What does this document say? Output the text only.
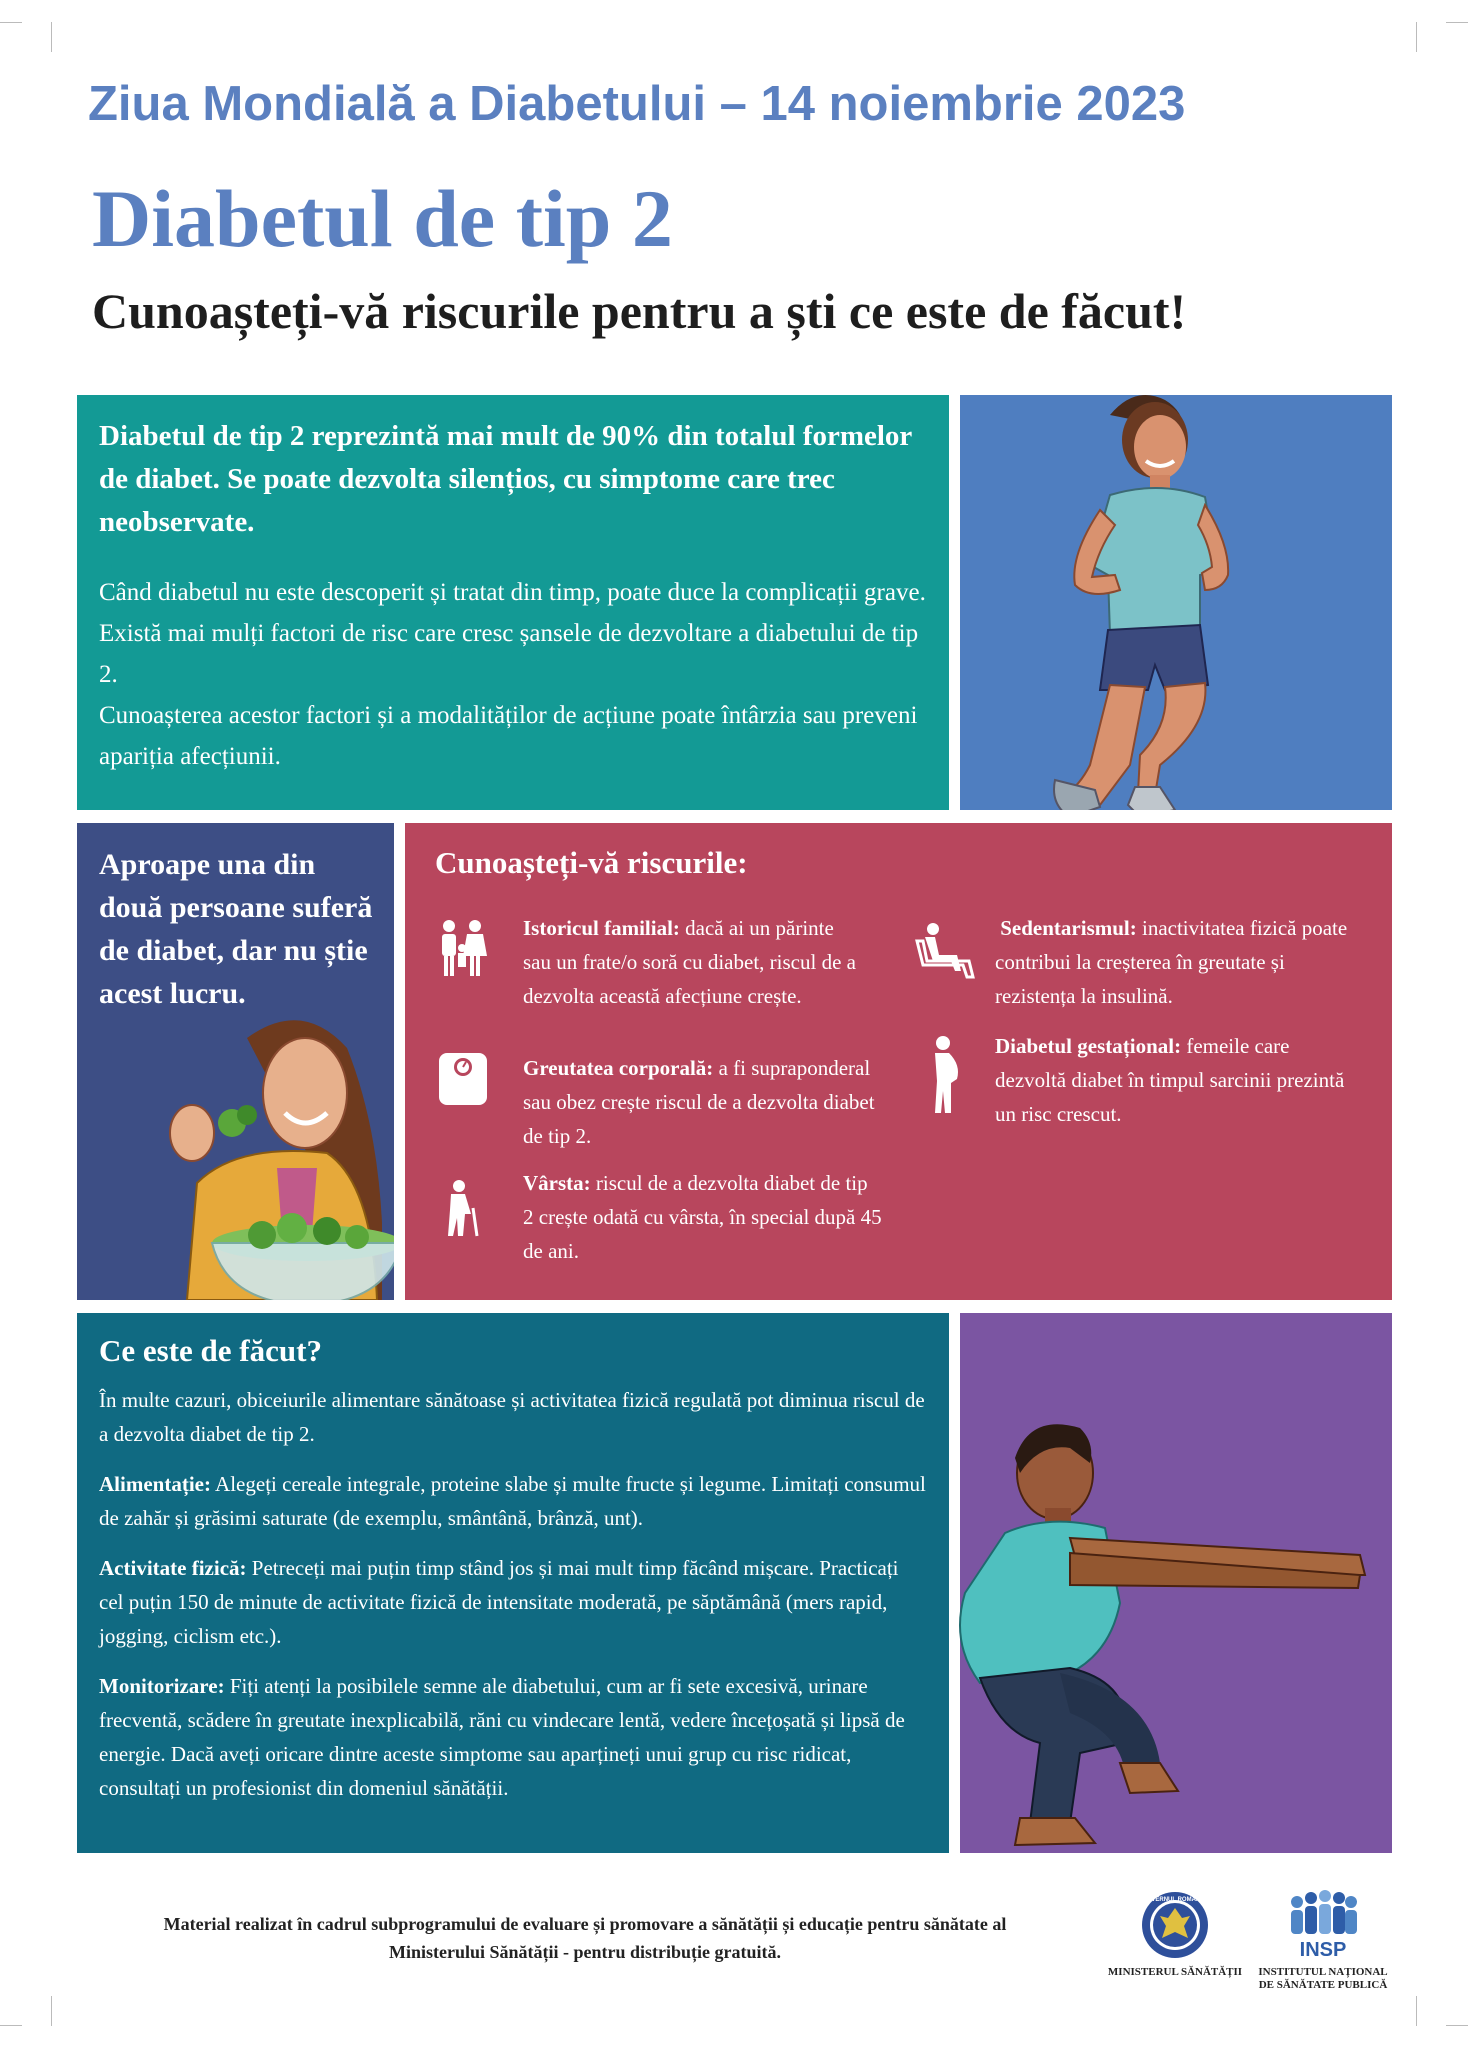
Ziua Mondială a Diabetului – 14 noiembrie 2023
Diabetul de tip 2
Cunoașteți-vă riscurile pentru a ști ce este de făcut!
Diabetul de tip 2 reprezintă mai mult de 90% din totalul formelor de diabet. Se poate dezvolta silențios, cu simptome care trec neobservate.
Când diabetul nu este descoperit și tratat din timp, poate duce la complicații grave. Există mai mulți factori de risc care cresc șansele de dezvoltare a diabetului de tip 2.
Cunoașterea acestor factori și a modalităților de acțiune poate întârzia sau preveni apariția afecțiunii.
Aproape una din două persoane suferă de diabet, dar nu știe acest lucru.
Cunoașteți-vă riscurile:
Istoricul familial: dacă ai un părinte sau un frate/o soră cu diabet, riscul de a dezvolta această afecțiune crește.
Greutatea corporală: a fi supraponderal sau obez crește riscul de a dezvolta diabet de tip 2.
Vârsta: riscul de a dezvolta diabet de tip 2 crește odată cu vârsta, în special după 45 de ani.
Sedentarismul: inactivitatea fizică poate contribui la creșterea în greutate și rezistența la insulină.
Diabetul gestațional: femeile care dezvoltă diabet în timpul sarcinii prezintă un risc crescut.
Ce este de făcut?
În multe cazuri, obiceiurile alimentare sănătoase și activitatea fizică regulată pot diminua riscul de a dezvolta diabet de tip 2.
Alimentație: Alegeți cereale integrale, proteine slabe și multe fructe și legume. Limitați consumul de zahăr și grăsimi saturate (de exemplu, smântână, brânză, unt).
Activitate fizică: Petreceți mai puțin timp stând jos și mai mult timp făcând mișcare. Practicați cel puțin 150 de minute de activitate fizică de intensitate moderată, pe săptămână (mers rapid, jogging, ciclism etc.).
Monitorizare: Fiți atenți la posibilele semne ale diabetului, cum ar fi sete excesivă, urinare frecventă, scădere în greutate inexplicabilă, răni cu vindecare lentă, vedere încețoșată și lipsă de energie. Dacă aveți oricare dintre aceste simptome sau aparțineți unui grup cu risc ridicat, consultați un profesionist din domeniul sănătății.
Material realizat în cadrul subprogramului de evaluare și promovare a sănătății și educație pentru sănătate al
Ministerului Sănătății - pentru distribuție gratuită.
GUVERNUL ROMÂNIEI
MINISTERUL SĂNĂTĂȚII
INSP
INSTITUTUL NAȚIONAL
DE SĂNĂTATE PUBLICĂ
